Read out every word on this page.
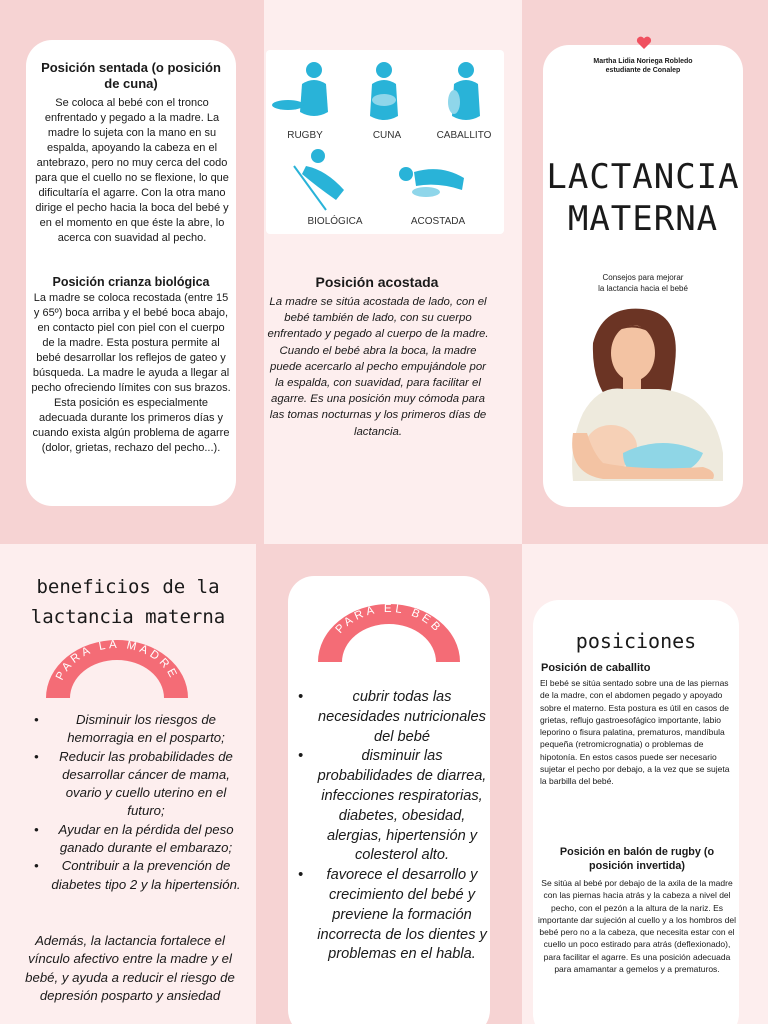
Posición sentada (o posición de cuna)
Se coloca al bebé con el tronco enfrentado y pegado a la madre. La madre lo sujeta con la mano en su espalda, apoyando la cabeza en el antebrazo, pero no muy cerca del codo para que el cuello no se flexione, lo que dificultaría el agarre. Con la otra mano dirige el pecho hacia la boca del bebé y en el momento en que éste la abre, lo acerca con suavidad al pecho.
Posición crianza biológica
La madre se coloca recostada (entre 15 y 65º) boca arriba y el bebé boca abajo, en contacto piel con piel con el cuerpo de la madre. Esta postura permite al bebé desarrollar los reflejos de gateo y búsqueda. La madre le ayuda a llegar al pecho ofreciendo límites con sus brazos. Esta posición es especialmente adecuada durante los primeros días y cuando exista algún problema de agarre (dolor, grietas, rechazo del pecho...).
RUGBY	CUNA	CABALLITO
BIOLÓGICA	ACOSTADA
Posición acostada
La madre se sitúa acostada de lado, con el bebé también de lado, con su cuerpo enfrentado y pegado al cuerpo de la madre. Cuando el bebé abra la boca, la madre puede acercarlo al pecho empujándole por la espalda, con suavidad, para facilitar el agarre. Es una posición muy cómoda para las tomas nocturnas y los primeros días de lactancia.
Martha Lidia Noriega Robledo
estudiante de Conalep
LACTANCIA
MATERNA
Consejos para mejorar
la lactancia hacia el bebé
beneficios de la
lactancia materna
PARA LA MADRE
•	Disminuir los riesgos de hemorragia en el posparto;
• Reducir las probabilidades de desarrollar cáncer de mama, ovario y cuello uterino en el futuro;
• Ayudar en la pérdida del peso ganado durante el embarazo;
• Contribuir a la prevención de diabetes tipo 2 y la hipertensión.
Además, la lactancia fortalece el vínculo afectivo entre la madre y el bebé, y ayuda a reducir el riesgo de depresión posparto y ansiedad
PARA EL BEB
•	cubrir todas las necesidades nutricionales del bebé
•	disminuir las probabilidades de diarrea, infecciones respiratorias, diabetes, obesidad, alergias, hipertensión y colesterol alto.
• favorece el desarrollo y crecimiento del bebé y previene la formación incorrecta de los dientes y problemas en el habla.
posiciones
Posición de caballito
El bebé se sitúa sentado sobre una de las piernas de la madre, con el abdomen pegado y apoyado sobre el materno. Esta postura es útil en casos de grietas, reflujo gastroesofágico importante, labio leporino o fisura palatina, prematuros, mandíbula pequeña (retromicrognatia) o problemas de hipotonía. En estos casos puede ser necesario sujetar el pecho por debajo, a la vez que se sujeta la barbilla del bebé.
Posición en balón de rugby (o posición invertida)
Se sitúa al bebé por debajo de la axila de la madre con las piernas hacia atrás y la cabeza a nivel del pecho, con el pezón a la altura de la nariz. Es importante dar sujeción al cuello y a los hombros del bebé pero no a la cabeza, que necesita estar con el cuello un poco estirado para atrás (deflexionado), para facilitar el agarre. Es una posición adecuada para amamantar a gemelos y a prematuros.
